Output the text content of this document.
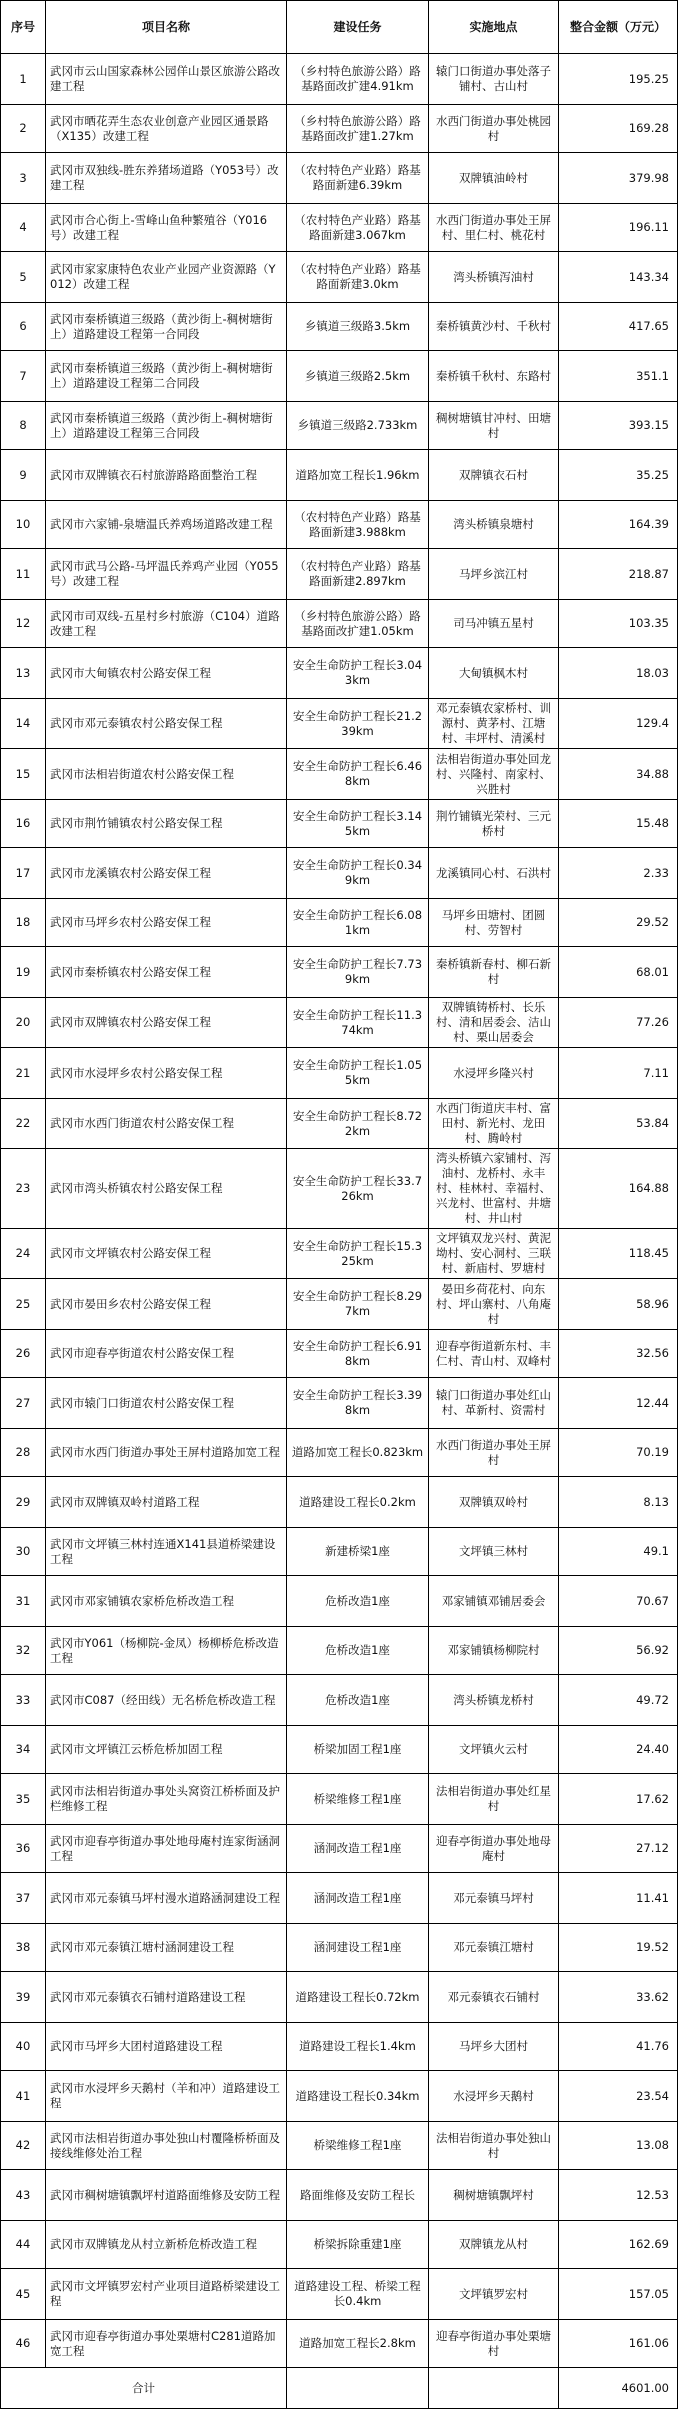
序号	项目名称	建设任务	实施地点	整合金额（万元）
1	武冈市云山国家森林公园佯山景区旅游公路改建工程	（乡村特色旅游公路）路基路面改扩建4.91km	辕门口街道办事处落子铺村、古山村	195.25
2	武冈市晒花弄生态农业创意产业园区通景路（X135）改建工程	（乡村特色旅游公路）路基路面改扩建1.27km	水西门街道办事处桃园村	169.28
3	武冈市双独线-胜东养猪场道路（Y053号）改建工程	（农村特色产业路）路基路面新建6.39km	双牌镇油岭村	379.98
4	武冈市合心街上-雪峰山鱼种繁殖谷（Y016号）改建工程	（农村特色产业路）路基路面新建3.067km	水西门街道办事处王屏村、里仁村、桃花村	196.11
5	武冈市家家康特色农业产业园产业资源路（Y012）改建工程	（农村特色产业路）路基路面新建3.0km	湾头桥镇泻油村	143.34
6	武冈市秦桥镇道三级路（黄沙街上-稠树塘街上）道路建设工程第一合同段	乡镇道三级路3.5km	秦桥镇黄沙村、千秋村	417.65
7	武冈市秦桥镇道三级路（黄沙街上-稠树塘街上）道路建设工程第二合同段	乡镇道三级路2.5km	秦桥镇千秋村、东路村	351.1
8	武冈市秦桥镇道三级路（黄沙街上-稠树塘街上）道路建设工程第三合同段	乡镇道三级路2.733km	稠树塘镇甘冲村、田塘村	393.15
9	武冈市双牌镇衣石村旅游路路面整治工程	道路加宽工程长1.96km	双牌镇衣石村	35.25
10	武冈市六家铺-泉塘温氏养鸡场道路改建工程	（农村特色产业路）路基路面新建3.988km	湾头桥镇泉塘村	164.39
11	武冈市武马公路-马坪温氏养鸡产业园（Y055号）改建工程	（农村特色产业路）路基路面新建2.897km	马坪乡滨江村	218.87
12	武冈市司双线-五星村乡村旅游（C104）道路改建工程	（乡村特色旅游公路）路基路面改扩建1.05km	司马冲镇五星村	103.35
13	武冈市大甸镇农村公路安保工程	安全生命防护工程长3.043km	大甸镇枫木村	18.03
14	武冈市邓元泰镇农村公路安保工程	安全生命防护工程长21.239km	邓元泰镇农家桥村、训源村、黄茅村、江塘村、丰坪村、清溪村	129.4
15	武冈市法相岩街道农村公路安保工程	安全生命防护工程长6.468km	法相岩街道办事处回龙村、兴隆村、南家村、兴胜村	34.88
16	武冈市荆竹铺镇农村公路安保工程	安全生命防护工程长3.145km	荆竹铺镇光荣村、三元桥村	15.48
17	武冈市龙溪镇农村公路安保工程	安全生命防护工程长0.349km	龙溪镇同心村、石洪村	2.33
18	武冈市马坪乡农村公路安保工程	安全生命防护工程长6.081km	马坪乡田塘村、团圆村、劳智村	29.52
19	武冈市秦桥镇农村公路安保工程	安全生命防护工程长7.739km	秦桥镇新春村、柳石新村	68.01
20	武冈市双牌镇农村公路安保工程	安全生命防护工程长11.374km	双牌镇铸桥村、长乐村、清和居委会、洁山村、栗山居委会	77.26
21	武冈市水浸坪乡农村公路安保工程	安全生命防护工程长1.055km	水浸坪乡隆兴村	7.11
22	武冈市水西门街道农村公路安保工程	安全生命防护工程长8.722km	水西门街道庆丰村、富田村、新光村、龙田村、腾岭村	53.84
23	武冈市湾头桥镇农村公路安保工程	安全生命防护工程长33.726km	湾头桥镇六家铺村、泻油村、龙桥村、永丰村、桂林村、幸福村、兴龙村、世富村、井塘村、井山村	164.88
24	武冈市文坪镇农村公路安保工程	安全生命防护工程长15.325km	文坪镇双龙兴村、黄泥坳村、安心洞村、三联村、新庙村、罗塘村	118.45
25	武冈市晏田乡农村公路安保工程	安全生命防护工程长8.297km	晏田乡荷花村、向东村、坪山寨村、八角庵村	58.96
26	武冈市迎春亭街道农村公路安保工程	安全生命防护工程长6.918km	迎春亭街道新东村、丰仁村、青山村、双峰村	32.56
27	武冈市辕门口街道农村公路安保工程	安全生命防护工程长3.398km	辕门口街道办事处红山村、革新村、资需村	12.44
28	武冈市水西门街道办事处王屏村道路加宽工程	道路加宽工程长0.823km	水西门街道办事处王屏村	70.19
29	武冈市双牌镇双岭村道路工程	道路建设工程长0.2km	双牌镇双岭村	8.13
30	武冈市文坪镇三林村连通X141县道桥梁建设工程	新建桥梁1座	文坪镇三林村	49.1
31	武冈市邓家铺镇农家桥危桥改造工程	危桥改造1座	邓家铺镇邓铺居委会	70.67
32	武冈市Y061（杨柳院-金凤）杨柳桥危桥改造工程	危桥改造1座	邓家铺镇杨柳院村	56.92
33	武冈市C087（经田线）无名桥危桥改造工程	危桥改造1座	湾头桥镇龙桥村	49.72
34	武冈市文坪镇江云桥危桥加固工程	桥梁加固工程1座	文坪镇火云村	24.40
35	武冈市法相岩街道办事处头窝资江桥桥面及护栏维修工程	桥梁维修工程1座	法相岩街道办事处红星村	17.62
36	武冈市迎春亭街道办事处地母庵村连家街涵洞工程	涵洞改造工程1座	迎春亭街道办事处地母庵村	27.12
37	武冈市邓元泰镇马坪村漫水道路涵洞建设工程	涵洞改造工程1座	邓元泰镇马坪村	11.41
38	武冈市邓元泰镇江塘村涵洞建设工程	涵洞建设工程1座	邓元泰镇江塘村	19.52
39	武冈市邓元泰镇衣石铺村道路建设工程	道路建设工程长0.72km	邓元泰镇衣石铺村	33.62
40	武冈市马坪乡大团村道路建设工程	道路建设工程长1.4km	马坪乡大团村	41.76
41	武冈市水浸坪乡天鹅村（羊和冲）道路建设工程	道路建设工程长0.34km	水浸坪乡天鹅村	23.54
42	武冈市法相岩街道办事处独山村覆隆桥桥面及接线维修处治工程	桥梁维修工程1座	法相岩街道办事处独山村	13.08
43	武冈市稠树塘镇飘坪村道路面维修及安防工程	路面维修及安防工程长	稠树塘镇飘坪村	12.53
44	武冈市双牌镇龙从村立新桥危桥改造工程	桥梁拆除重建1座	双牌镇龙从村	162.69
45	武冈市文坪镇罗宏村产业项目道路桥梁建设工程	道路建设工程、桥梁工程长0.4km	文坪镇罗宏村	157.05
46	武冈市迎春亭街道办事处栗塘村C281道路加宽工程	道路加宽工程长2.8km	迎春亭街道办事处栗塘村	161.06
合计				4601.00
